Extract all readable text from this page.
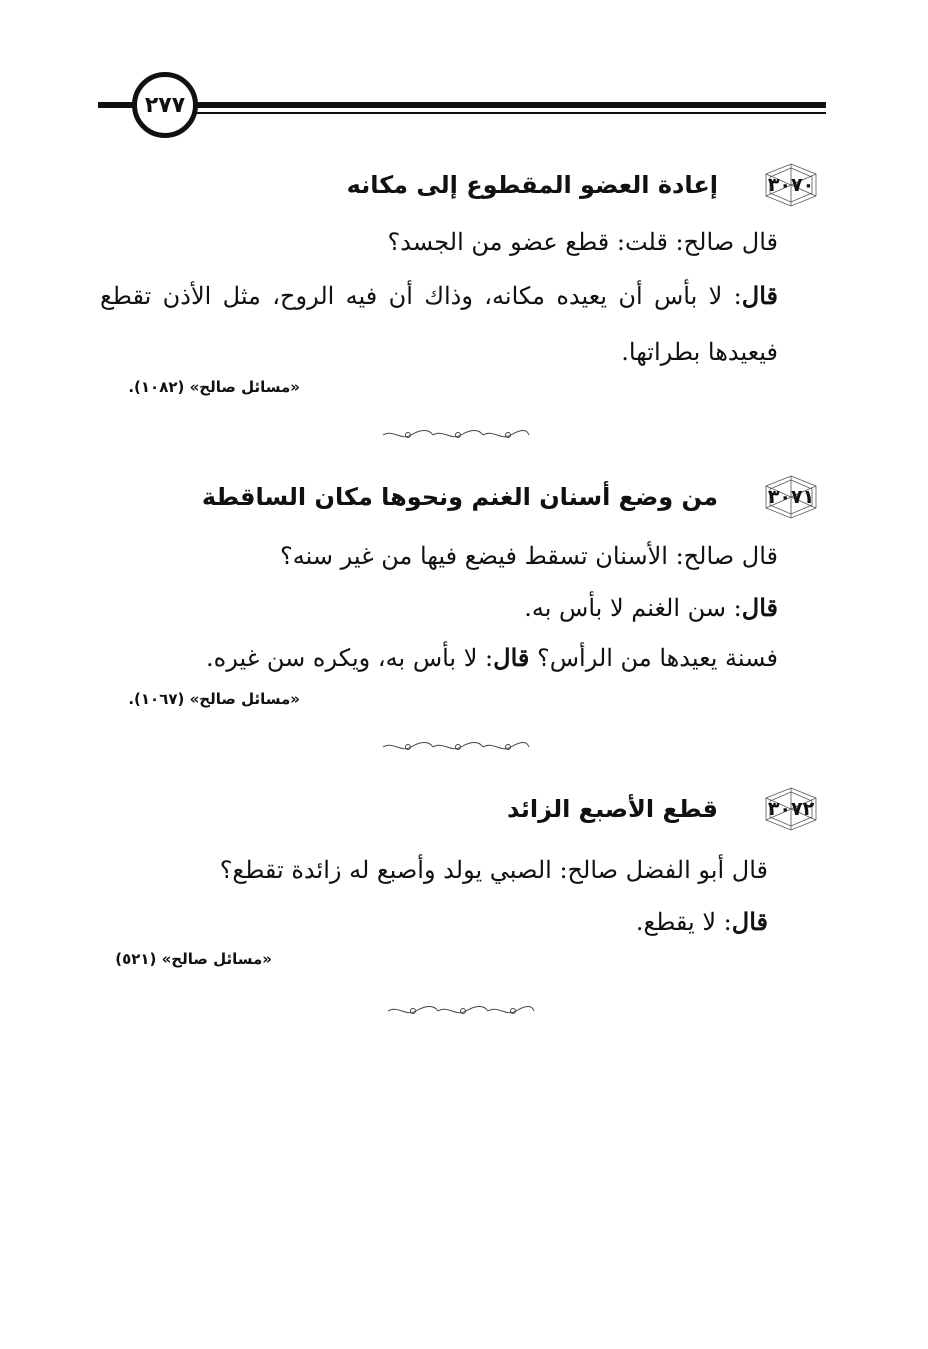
٢٧٧
٣٠٧٠
إعادة العضو المقطوع إلى مكانه
قال صالح: قلت: قطع عضو من الجسد؟
قال: لا بأس أن يعيده مكانه، وذاك أن فيه الروح، مثل الأذن تقطع فيعيدها بطراتها.
«مسائل صالح» (١٠٨٢).
٣٠٧١
من وضع أسنان الغنم ونحوها مكان الساقطة
قال صالح: الأسنان تسقط فيضع فيها من غير سنه؟
قال: سن الغنم لا بأس به.
فسنة يعيدها من الرأس؟ قال: لا بأس به، ويكره سن غيره.
«مسائل صالح» (١٠٦٧).
٣٠٧٢
قطع الأصبع الزائد
قال أبو الفضل صالح: الصبي يولد وأصبع له زائدة تقطع؟
قال: لا يقطع.
«مسائل صالح» (٥٢١)
